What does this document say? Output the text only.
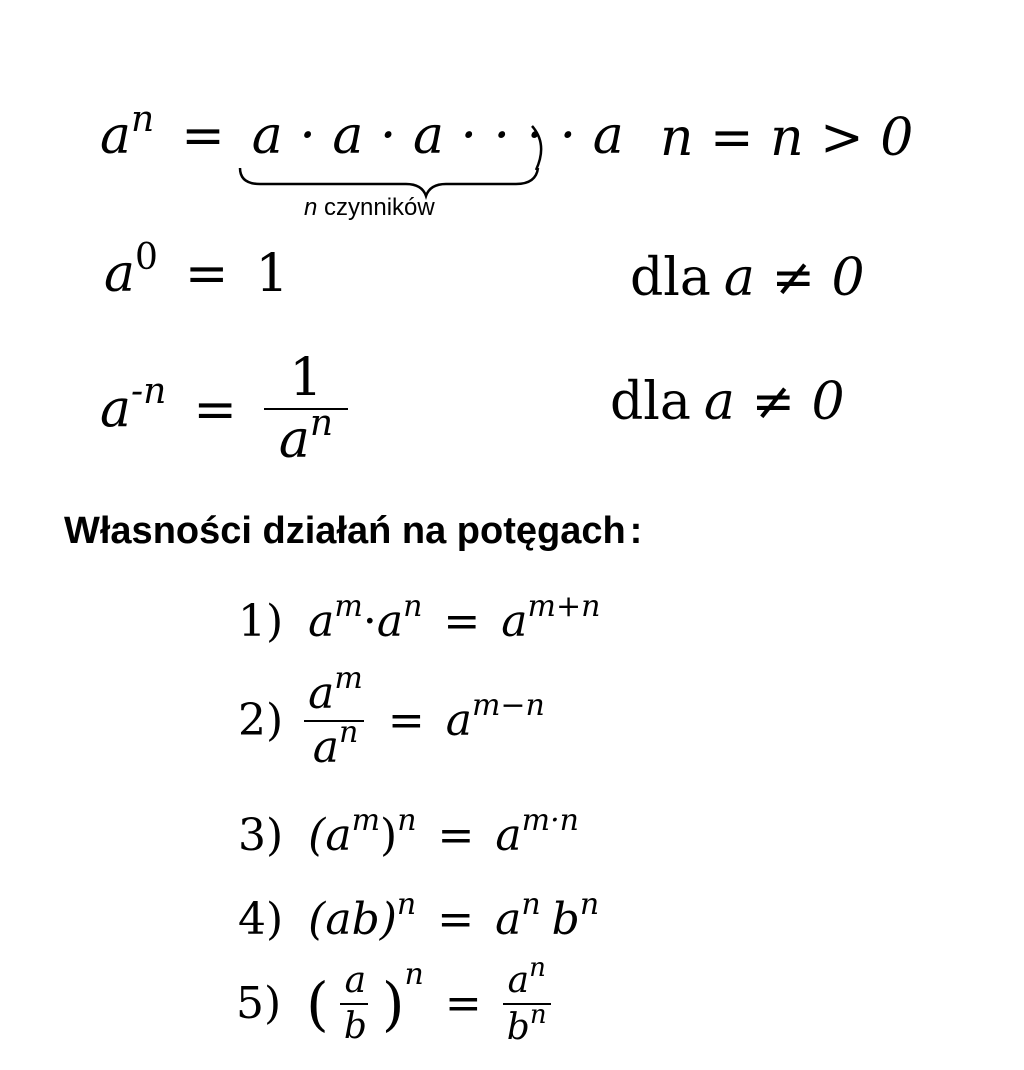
$a^n = a \cdot a \cdot a$ · · · · a
n czynników
n = n > 0
$a^0 = 1$	dla a ≠ 0
$a^{-n} = \frac{1}{a^n}$	dla a ≠ 0
Własności działań na potęgach :
1) $a^m\cdot a^n = a^{m+n}$
$2) \frac{a^m}{a^n} = a^{m-n}$
3) $(a^m)^n = a^{m\cdot n}$
4) $(ab)^n = a^n$ $b^n$
5) ( $\frac{a}{b} )^n = \frac{a^n}{b^n}$
